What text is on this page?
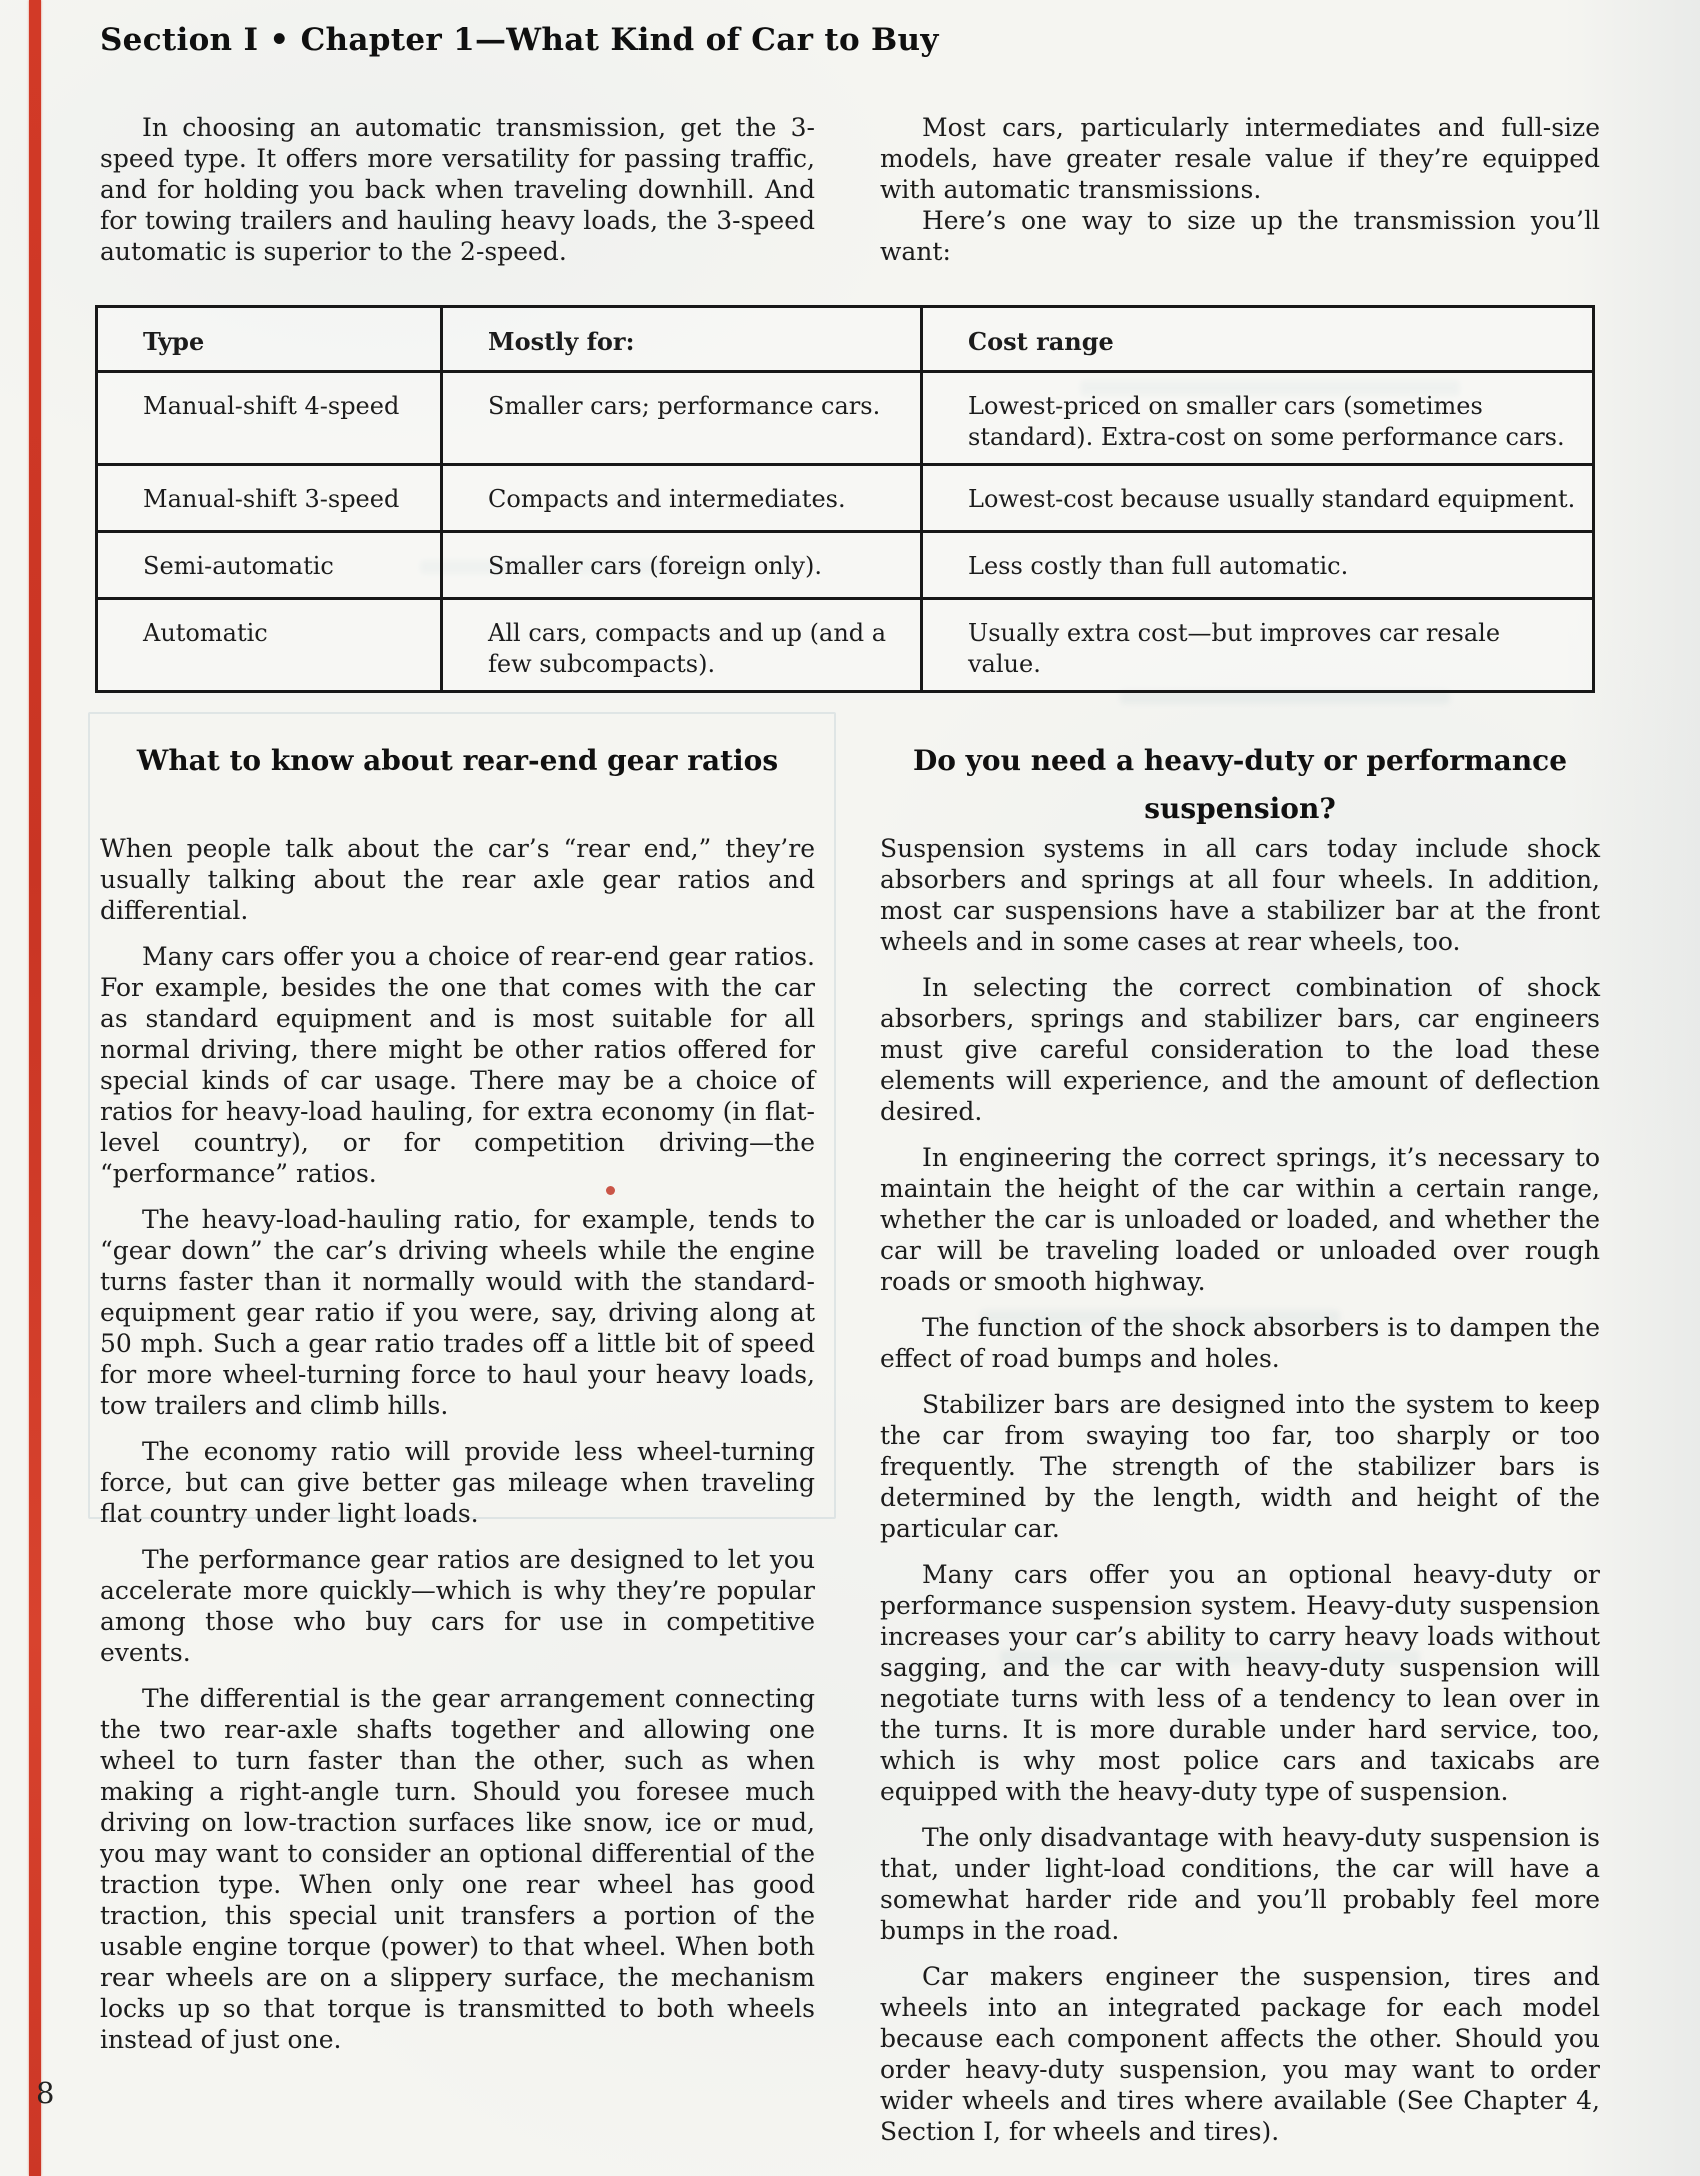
Section I • Chapter 1—What Kind of Car to Buy

In choosing an automatic transmission, get the 3-speed type. It offers more versatility for passing traffic, and for holding you back when traveling downhill. And for towing trailers and hauling heavy loads, the 3-speed automatic is superior to the 2-speed.

Most cars, particularly intermediates and full-size models, have greater resale value if they’re equipped with automatic transmissions.

Here’s one way to size up the transmission you’ll want:

Type	Mostly for:	Cost range
Manual-shift 4-speed	Smaller cars; performance cars.	Lowest-priced on smaller cars (sometimes standard). Extra-cost on some performance cars.
Manual-shift 3-speed	Compacts and intermediates.	Lowest-cost because usually standard equipment.
Semi-automatic	Smaller cars (foreign only).	Less costly than full automatic.
Automatic	All cars, compacts and up (and a few subcompacts).	Usually extra cost—but improves car resale value.
What to know about rear-end gear ratios

When people talk about the car’s “rear end,” they’re usually talking about the rear axle gear ratios and differential.

Many cars offer you a choice of rear-end gear ratios. For example, besides the one that comes with the car as standard equipment and is most suitable for all normal driving, there might be other ratios offered for special kinds of car usage. There may be a choice of ratios for heavy-load hauling, for extra economy (in flat-level country), or for competition driving—the “performance” ratios.

The heavy-load-hauling ratio, for example, tends to “gear down” the car’s driving wheels while the engine turns faster than it normally would with the standard-equipment gear ratio if you were, say, driving along at 50 mph. Such a gear ratio trades off a little bit of speed for more wheel-turning force to haul your heavy loads, tow trailers and climb hills.

The economy ratio will provide less wheel-turning force, but can give better gas mileage when traveling flat country under light loads.

The performance gear ratios are designed to let you accelerate more quickly—which is why they’re popular among those who buy cars for use in competitive events.

The differential is the gear arrangement connecting the two rear-axle shafts together and allowing one wheel to turn faster than the other, such as when making a right-angle turn. Should you foresee much driving on low-traction surfaces like snow, ice or mud, you may want to consider an optional differential of the traction type. When only one rear wheel has good traction, this special unit transfers a portion of the usable engine torque (power) to that wheel. When both rear wheels are on a slippery surface, the mechanism locks up so that torque is transmitted to both wheels instead of just one.

Do you need a heavy-duty or performance suspension?

Suspension systems in all cars today include shock absorbers and springs at all four wheels. In addition, most car suspensions have a stabilizer bar at the front wheels and in some cases at rear wheels, too.

In selecting the correct combination of shock absorbers, springs and stabilizer bars, car engineers must give careful consideration to the load these elements will experience, and the amount of deflection desired.

In engineering the correct springs, it’s necessary to maintain the height of the car within a certain range, whether the car is unloaded or loaded, and whether the car will be traveling loaded or unloaded over rough roads or smooth highway.

The function of the shock absorbers is to dampen the effect of road bumps and holes.

Stabilizer bars are designed into the system to keep the car from swaying too far, too sharply or too frequently. The strength of the stabilizer bars is determined by the length, width and height of the particular car.

Many cars offer you an optional heavy-duty or performance suspension system. Heavy-duty suspension increases your car’s ability to carry heavy loads without sagging, and the car with heavy-duty suspension will negotiate turns with less of a tendency to lean over in the turns. It is more durable under hard service, too, which is why most police cars and taxicabs are equipped with the heavy-duty type of suspension.

The only disadvantage with heavy-duty suspension is that, under light-load conditions, the car will have a somewhat harder ride and you’ll probably feel more bumps in the road.

Car makers engineer the suspension, tires and wheels into an integrated package for each model because each component affects the other. Should you order heavy-duty suspension, you may want to order wider wheels and tires where available (See Chapter 4, Section I, for wheels and tires).

8
